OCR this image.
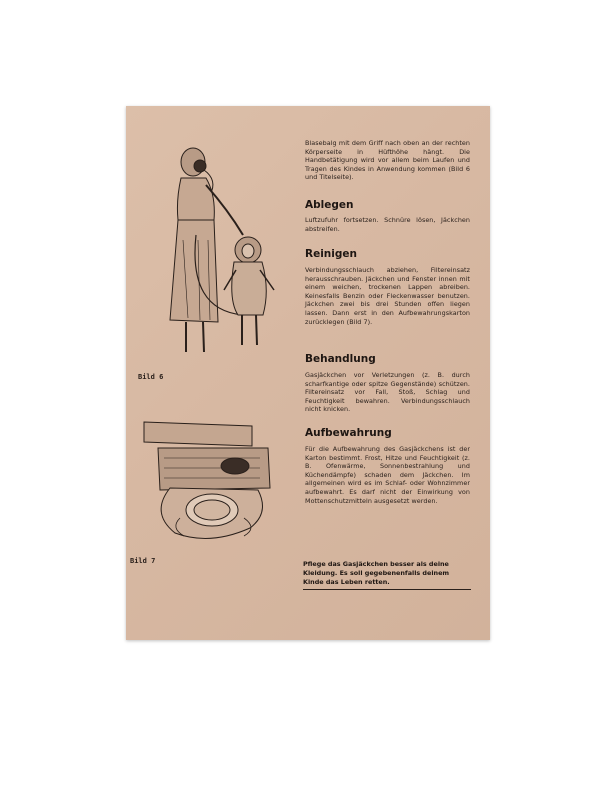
Bild 6
Bild 7
Blasebalg mit dem Griff nach oben an der rechten Körperseite in Hüfthöhe hängt. Die Handbetätigung wird vor allem beim Laufen und Tragen des Kindes in Anwendung kommen (Bild 6 und Titelseite).
Ablegen
Luftzufuhr fortsetzen. Schnüre lösen, Jäckchen abstreifen.
Reinigen
Verbindungsschlauch abziehen, Filtereinsatz herausschrauben. Jäckchen und Fenster innen mit einem weichen, trockenen Lappen abreiben. Keinesfalls Benzin oder Fleckenwasser benutzen. Jäckchen zwei bis drei Stunden offen liegen lassen. Dann erst in den Aufbewahrungskarton zurücklegen (Bild 7).
Behandlung
Gasjäckchen vor Verletzungen (z. B. durch scharfkantige oder spitze Gegenstände) schützen. Filtereinsatz vor Fall, Stoß, Schlag und Feuchtigkeit bewahren. Verbindungsschlauch nicht knicken.
Aufbewahrung
Für die Aufbewahrung des Gasjäckchens ist der Karton bestimmt. Frost, Hitze und Feuchtigkeit (z. B. Ofenwärme, Sonnenbestrahlung und Küchendämpfe) schaden dem Jäckchen. Im allgemeinen wird es im Schlaf- oder Wohnzimmer aufbewahrt. Es darf nicht der Einwirkung von Mottenschutzmitteln ausgesetzt werden.
Pflege das Gasjäckchen besser als deine Kleidung. Es soll gegebenenfalls deinem Kinde das Leben retten.
